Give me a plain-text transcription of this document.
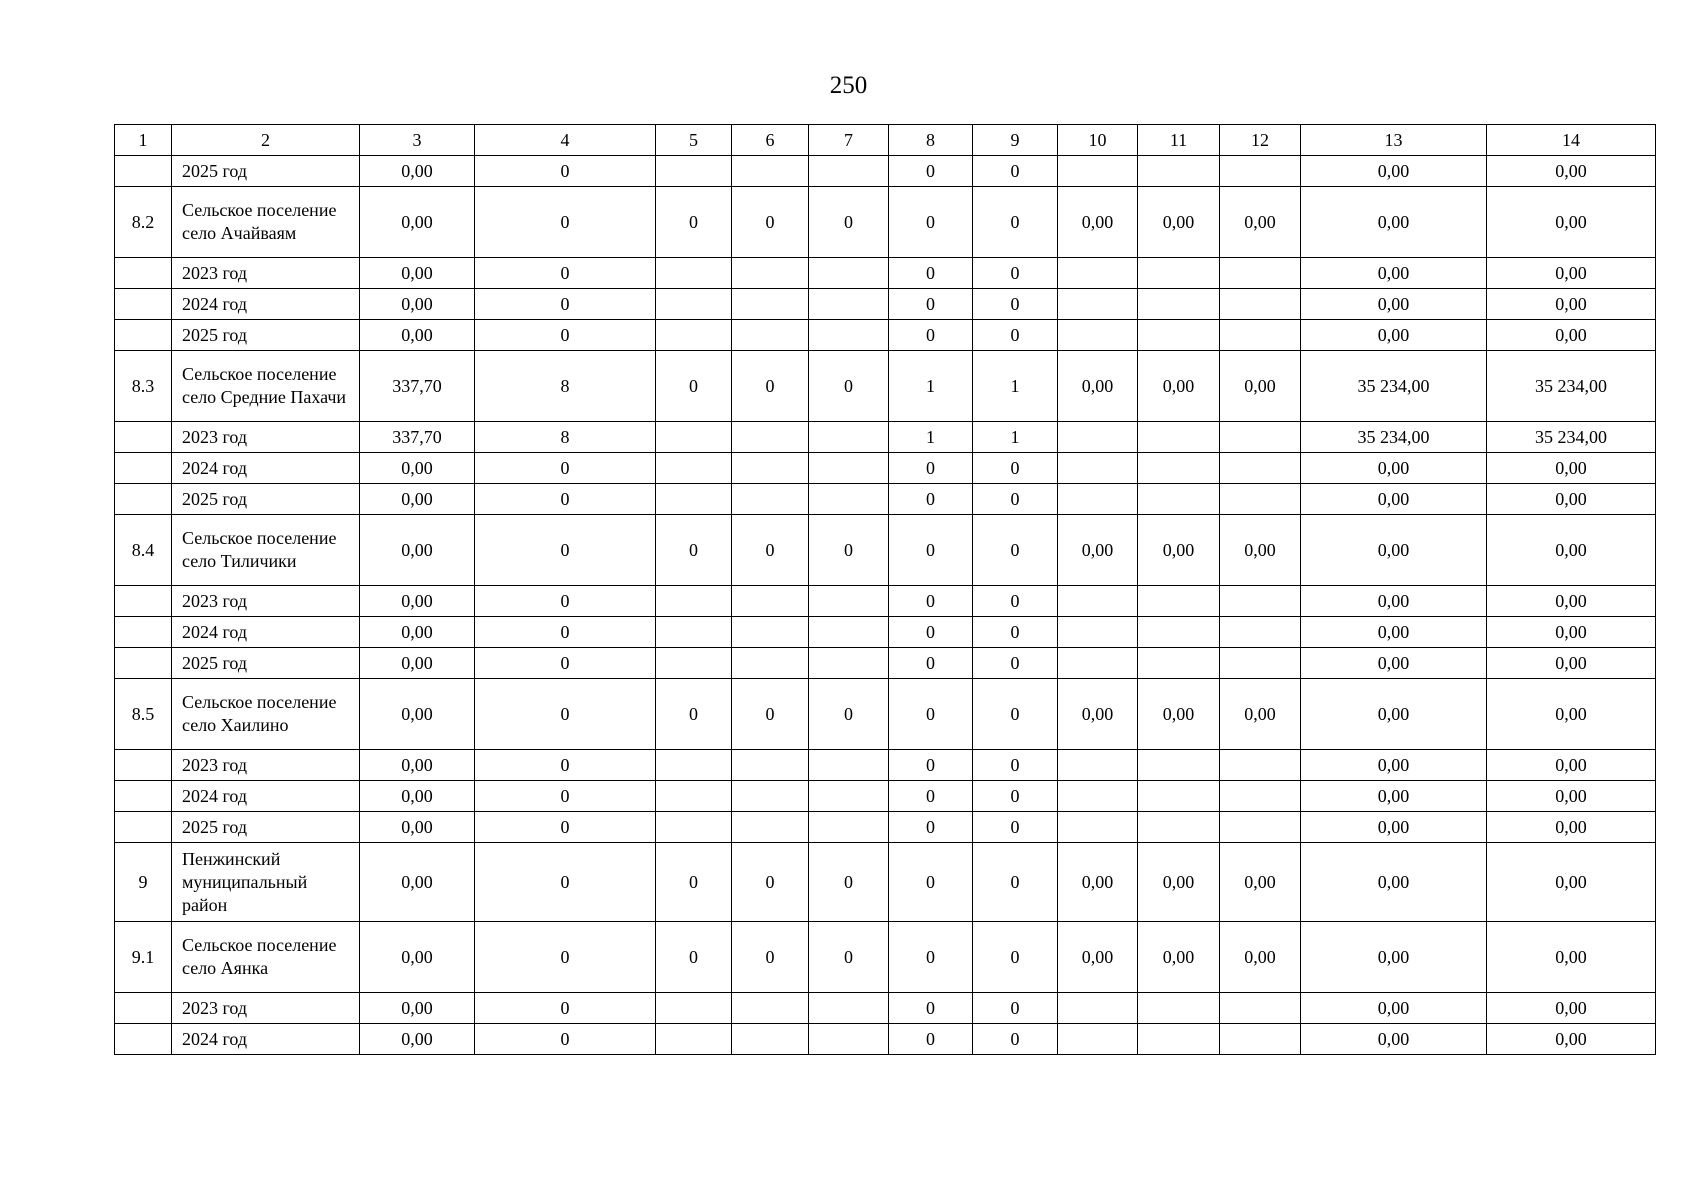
250
1	2	3	4	5	6	7	8	9	10	11	12	13	14
	2025 год	0,00	0				0	0				0,00	0,00
8.2	Сельское поселение село Ачайваям	0,00	0	0	0	0	0	0	0,00	0,00	0,00	0,00	0,00
	2023 год	0,00	0				0	0				0,00	0,00
	2024 год	0,00	0				0	0				0,00	0,00
	2025 год	0,00	0				0	0				0,00	0,00
8.3	Сельское поселение село Средние Пахачи	337,70	8	0	0	0	1	1	0,00	0,00	0,00	35 234,00	35 234,00
	2023 год	337,70	8				1	1				35 234,00	35 234,00
	2024 год	0,00	0				0	0				0,00	0,00
	2025 год	0,00	0				0	0				0,00	0,00
8.4	Сельское поселение село Тиличики	0,00	0	0	0	0	0	0	0,00	0,00	0,00	0,00	0,00
	2023 год	0,00	0				0	0				0,00	0,00
	2024 год	0,00	0				0	0				0,00	0,00
	2025 год	0,00	0				0	0				0,00	0,00
8.5	Сельское поселение село Хаилино	0,00	0	0	0	0	0	0	0,00	0,00	0,00	0,00	0,00
	2023 год	0,00	0				0	0				0,00	0,00
	2024 год	0,00	0				0	0				0,00	0,00
	2025 год	0,00	0				0	0				0,00	0,00
9	Пенжинский муниципальный район	0,00	0	0	0	0	0	0	0,00	0,00	0,00	0,00	0,00
9.1	Сельское поселение село Аянка	0,00	0	0	0	0	0	0	0,00	0,00	0,00	0,00	0,00
	2023 год	0,00	0				0	0				0,00	0,00
	2024 год	0,00	0				0	0				0,00	0,00
